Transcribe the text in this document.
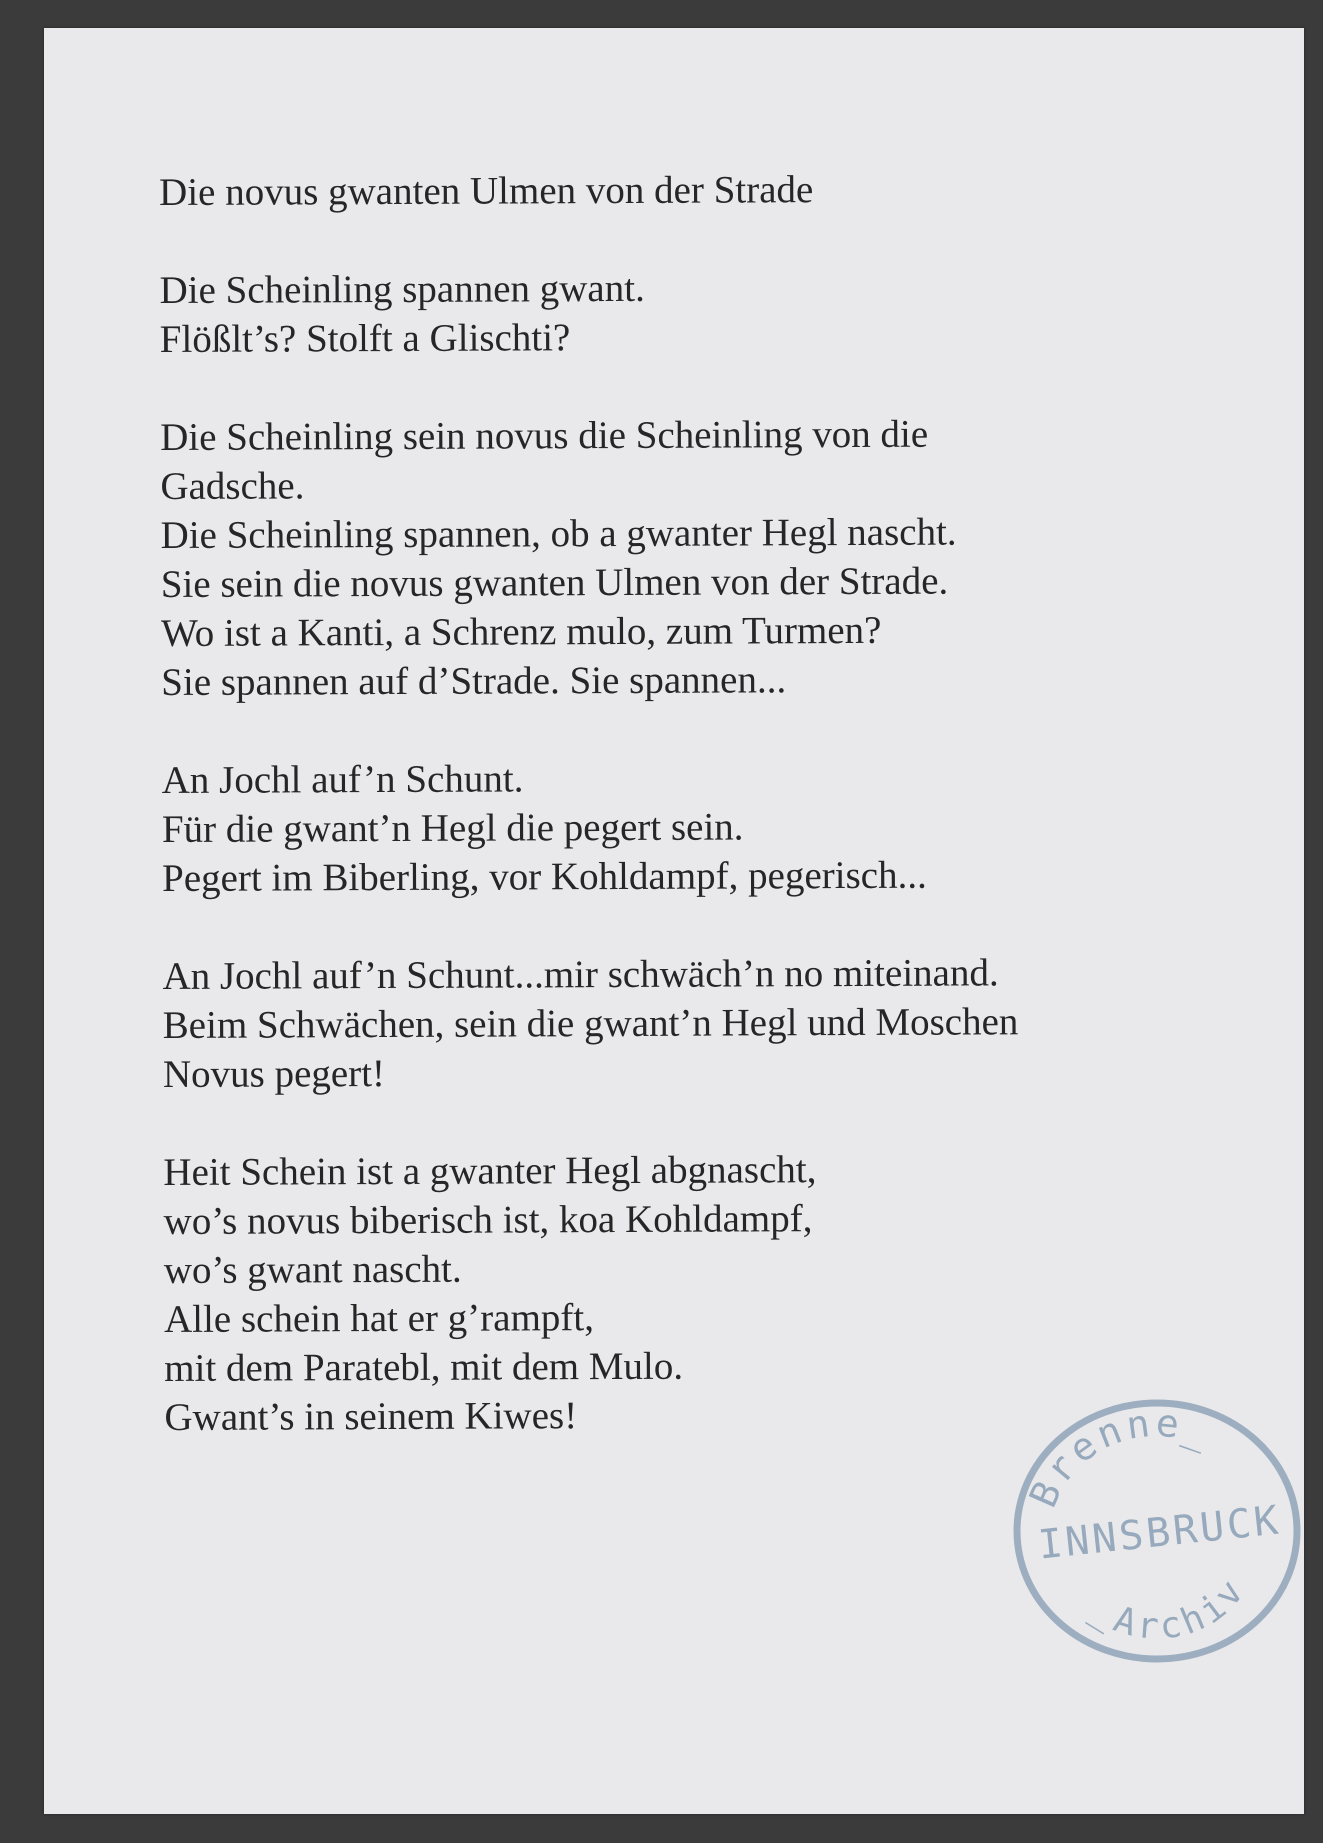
Die novus gwanten Ulmen von der Strade
Die Scheinling spannen gwant.
Flößlt’s? Stolft a Glischti?
Die Scheinling sein novus die Scheinling von die
Gadsche.
Die Scheinling spannen, ob a gwanter Hegl nascht.
Sie sein die novus gwanten Ulmen von der Strade.
Wo ist a Kanti, a Schrenz mulo, zum Turmen?
Sie spannen auf d’Strade. Sie spannen...
An Jochl auf’n Schunt.
Für die gwant’n Hegl die pegert sein.
Pegert im Biberling, vor Kohldampf, pegerisch...
An Jochl auf’n Schunt...mir schwäch’n no miteinand.
Beim Schwächen, sein die gwant’n Hegl und Moschen
Novus pegert!
Heit Schein ist a gwanter Hegl abgnascht,
wo’s novus biberisch ist, koa Kohldampf,
wo’s gwant nascht.
Alle schein hat er g’rampft,
mit dem Paratebl, mit dem Mulo.
Gwant’s in seinem Kiwes!
Brenne_
INNSBRUCK
_Archiv
